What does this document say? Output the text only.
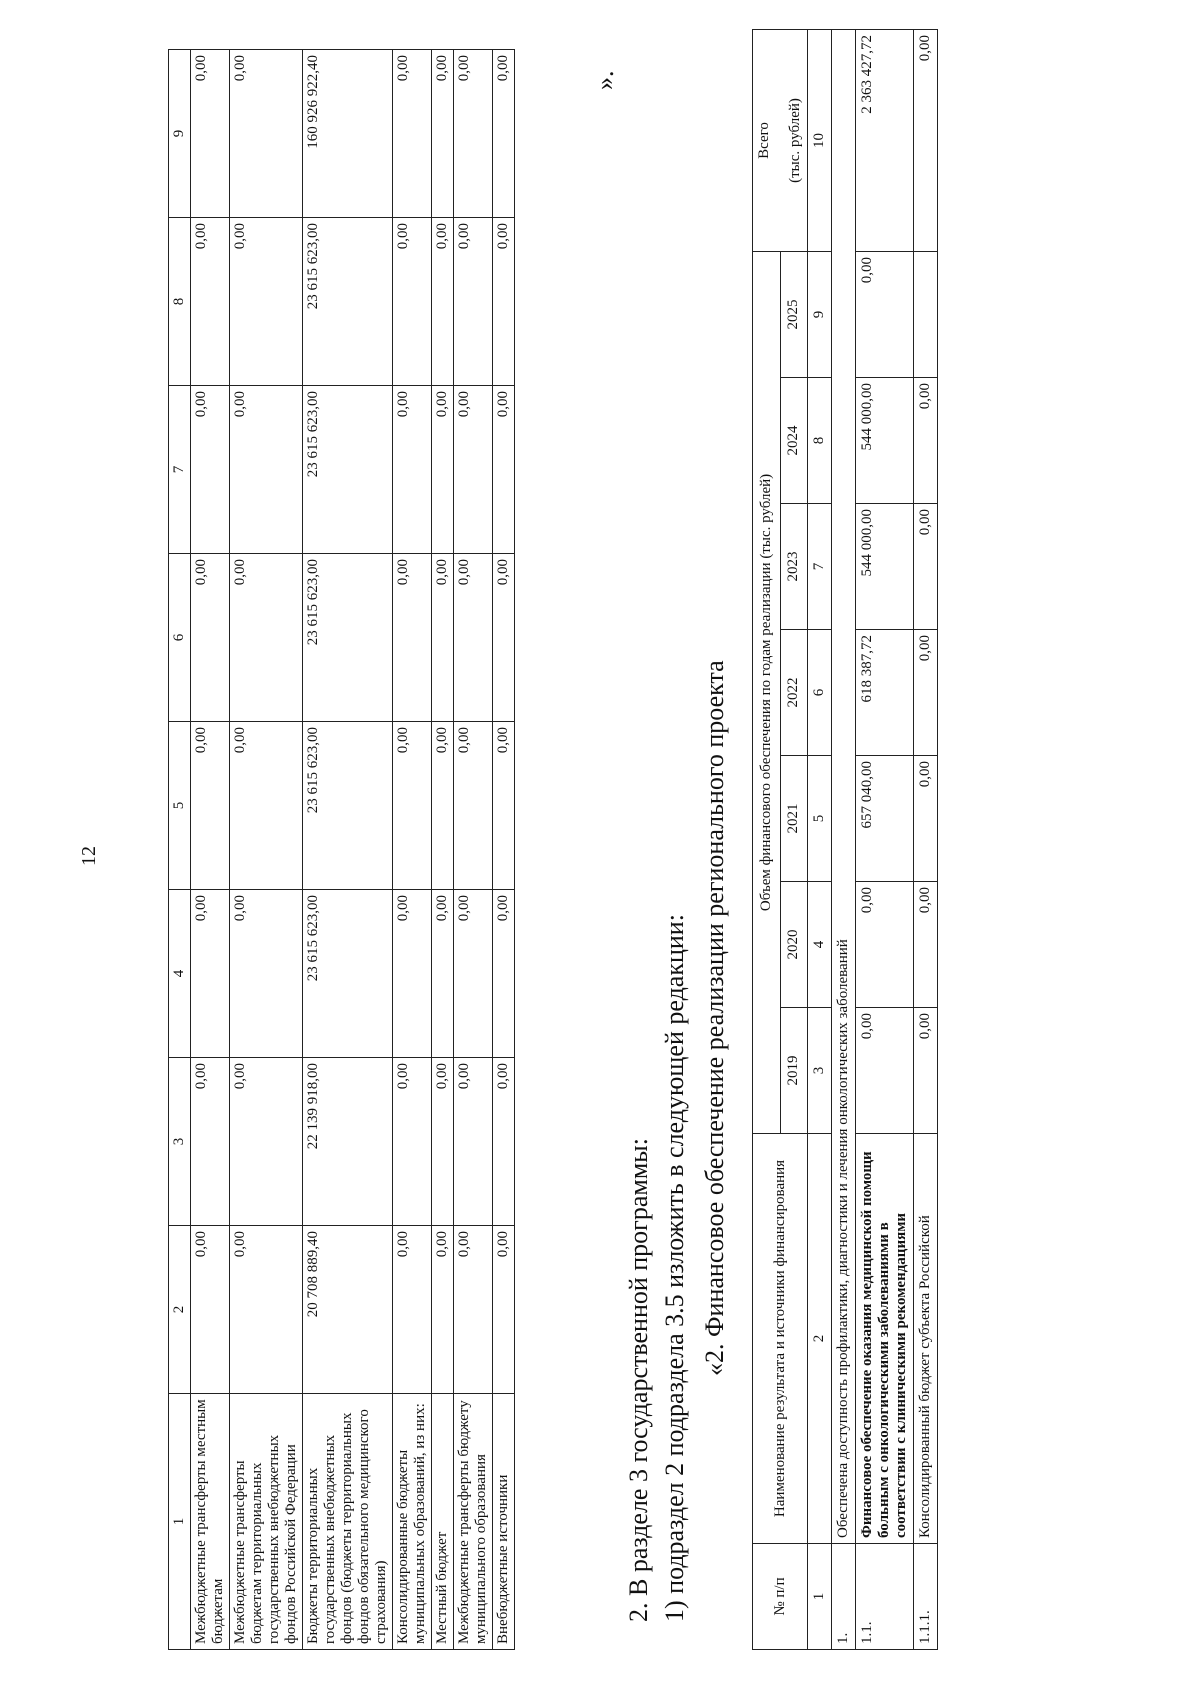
12
1	2	3	4	5	6	7	8	9
Межбюджетные трансферты местным бюджетам	0,00	0,00	0,00	0,00	0,00	0,00	0,00	0,00
Межбюджетные трансферты бюджетам территориальных государственных внебюджетных фондов Российской Федерации	0,00	0,00	0,00	0,00	0,00	0,00	0,00	0,00
Бюджеты территориальных государственных внебюджетных фондов (бюджеты территориальных фондов обязательного медицинского страхования)	20 708 889,40	22 139 918,00	23 615 623,00	23 615 623,00	23 615 623,00	23 615 623,00	23 615 623,00	160 926 922,40
Консолидированные бюджеты муниципальных образований, из них:	0,00	0,00	0,00	0,00	0,00	0,00	0,00	0,00
Местный бюджет	0,00	0,00	0,00	0,00	0,00	0,00	0,00	0,00
Межбюджетные трансферты бюджету муниципального образования	0,00	0,00	0,00	0,00	0,00	0,00	0,00	0,00
Внебюджетные источники	0,00	0,00	0,00	0,00	0,00	0,00	0,00	0,00	».
2. В разделе 3 государственной программы: 1) подраздел 2 подраздела 3.5 изложить в следующей редакции: «2. Финансовое обеспечение реализации регионального проекта
№ п/п	Наименование результата и источники финансирования	Объем финансового обеспечения по годам реализации (тыс. рублей)							Всего (тыс. рублей)

		2019	2020	2021	2022	2023	2024	2025	
1	2	3	4	5	6	7	8	9	10
1.	Обеспечена доступность профилактики, диагностики и лечения онкологических заболеваний								
1.1.	Финансовое обеспечение оказания медицинской помощи больным с онкологическими заболеваниями в соответствии с клиническими рекомендациями	0,00	0,00	657 040,00	618 387,72	544 000,00	544 000,00	0,00	2 363 427,72
1.1.1.	Консолидированный бюджет субъекта Российской	0,00	0,00	0,00	0,00	0,00	0,00		0,00
